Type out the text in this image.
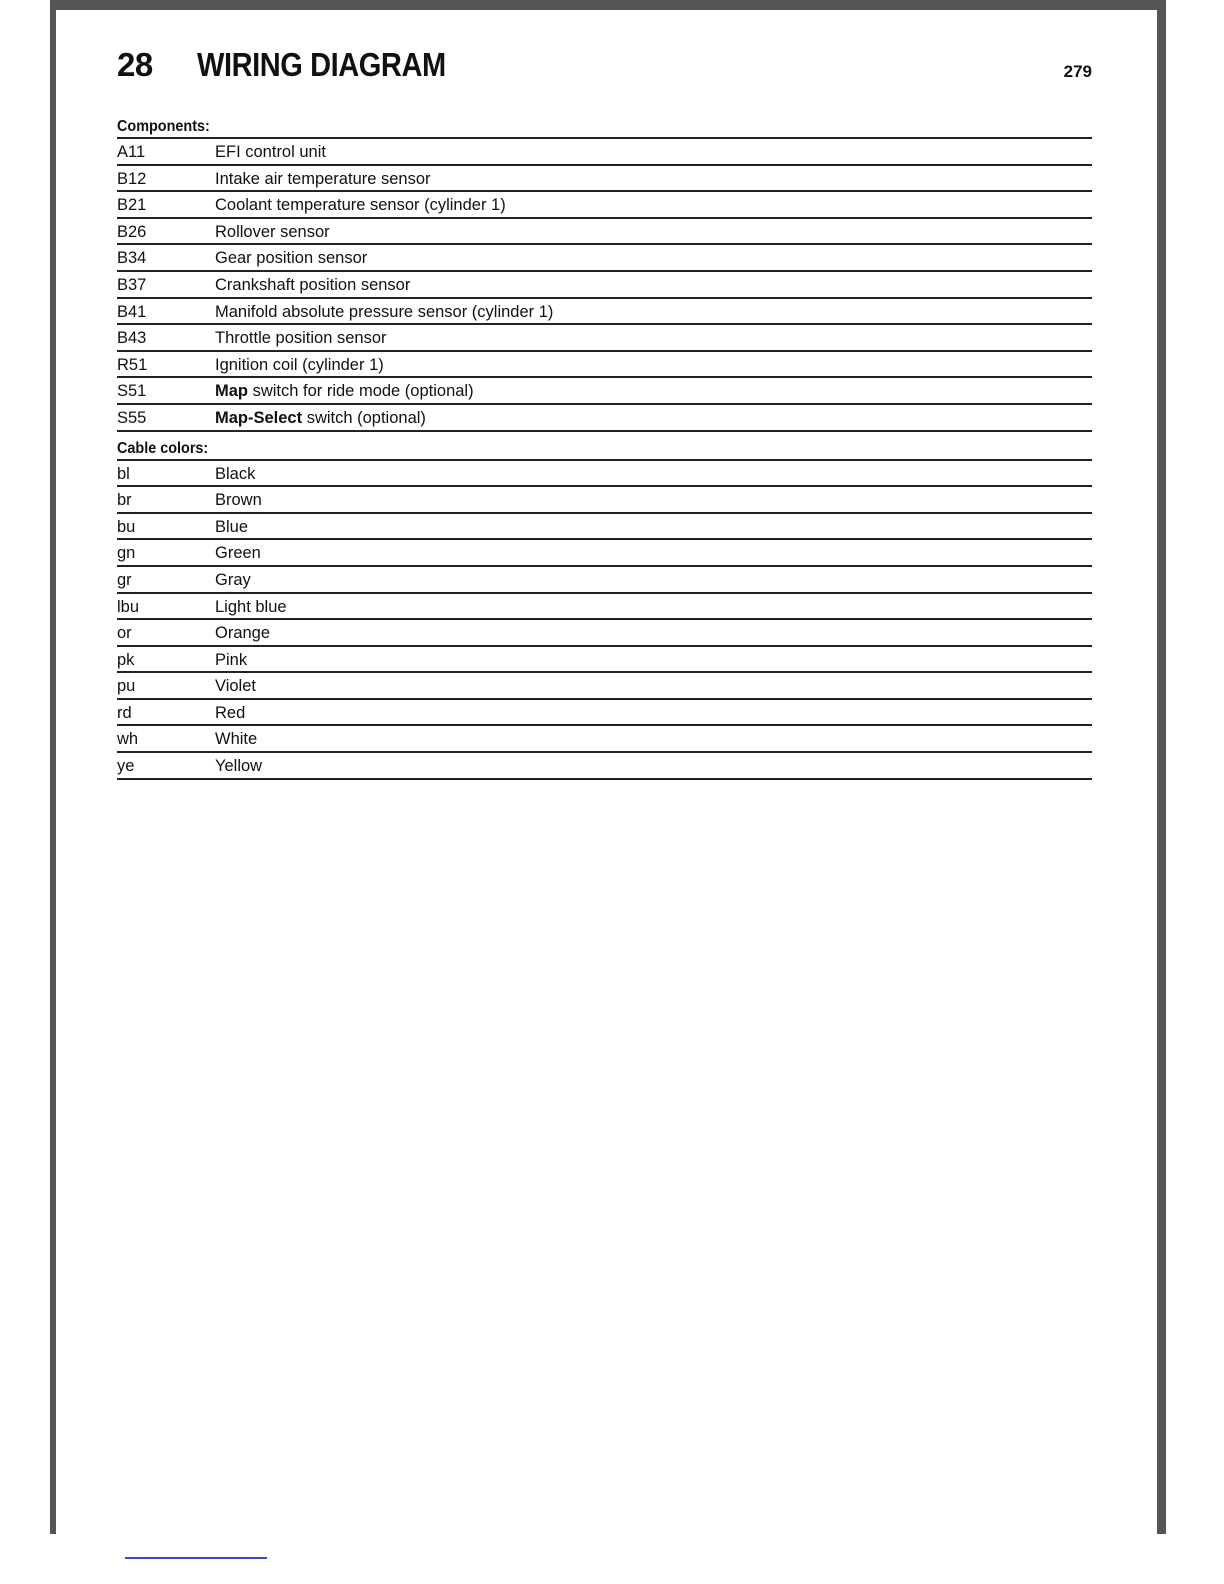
28 WIRING DIAGRAM	279
Components:
A11	EFI control unit
B12	Intake air temperature sensor
B21	Coolant temperature sensor (cylinder 1)
B26	Rollover sensor
B34	Gear position sensor
B37	Crankshaft position sensor
B41	Manifold absolute pressure sensor (cylinder 1)
B43	Throttle position sensor
R51	Ignition coil (cylinder 1)
S51	Map switch for ride mode (optional)
S55	Map-Select switch (optional)
Cable colors:
bl	Black
br	Brown
bu	Blue
gn	Green
gr	Gray
lbu	Light blue
or	Orange
pk	Pink
pu	Violet
rd	Red
wh	White
ye	Yellow
